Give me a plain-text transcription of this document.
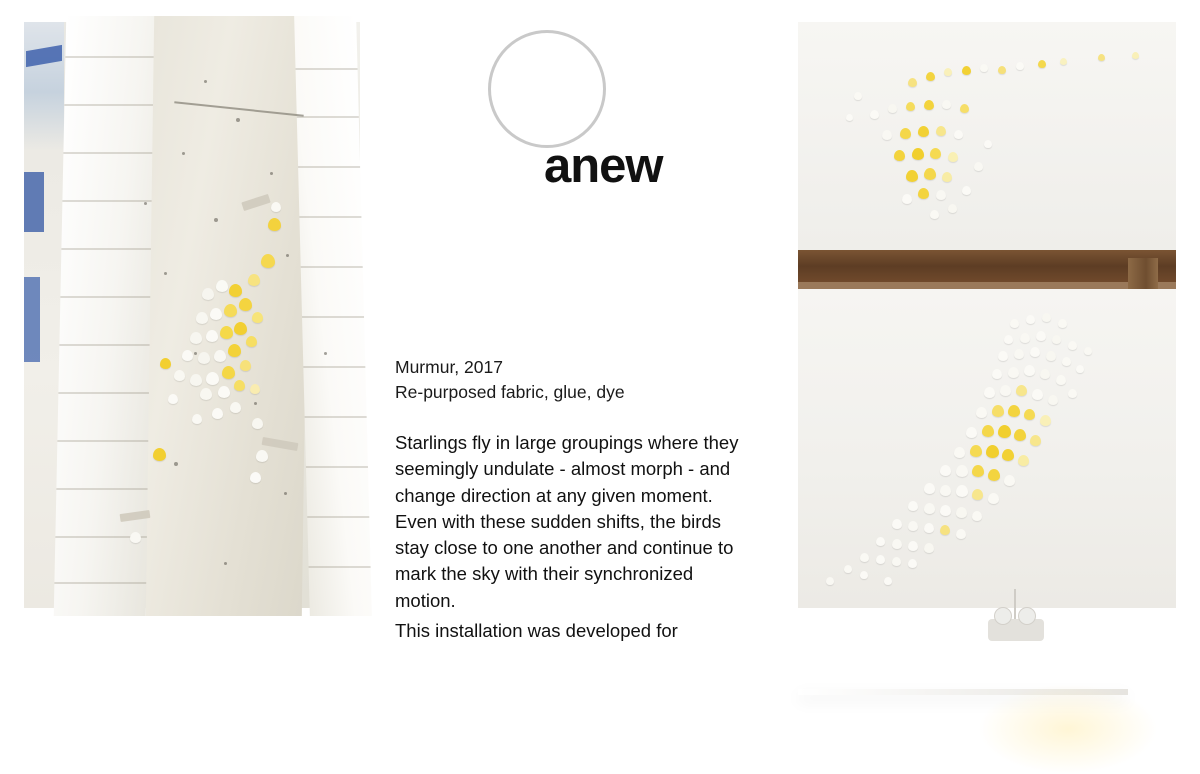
anew
Murmur, 2017
Re-purposed fabric, glue, dye
Starlings fly in large groupings where they seemingly undulate - almost morph - and change direction at any given moment. Even with these sudden shifts, the birds stay close to one another and continue to mark the sky with their synchronized motion.
This installation was developed for
